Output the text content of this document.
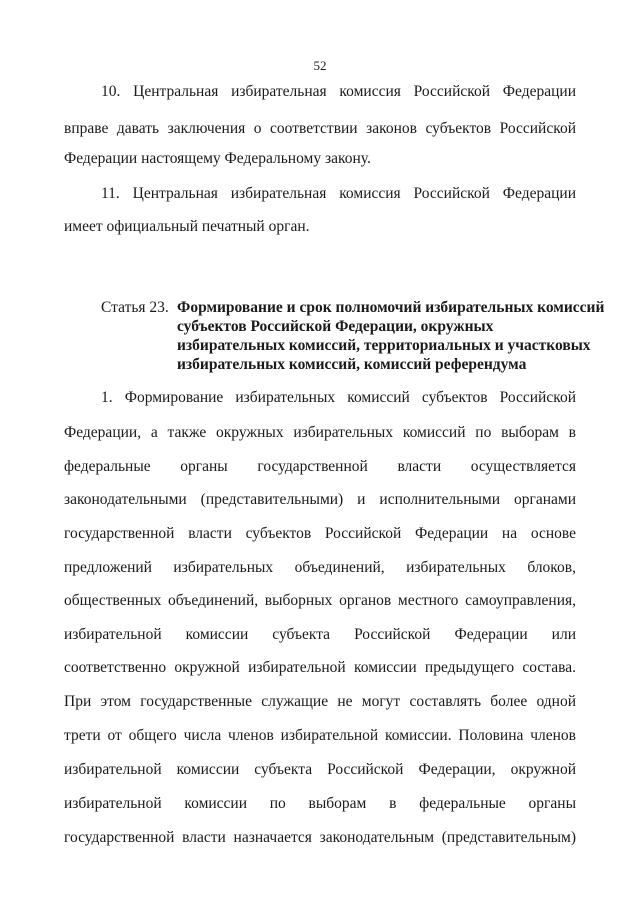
52
10. Центральная избирательная комиссия Российской Федерации
вправе давать заключения о соответствии законов субъектов Российской
Федерации настоящему Федеральному закону.
11. Центральная избирательная комиссия Российской Федерации
имеет официальный печатный орган.
Статья 23. Формирование и срок полномочий избирательных комиссий
субъектов Российской Федерации, окружных
избирательных комиссий, территориальных и участковых
избирательных комиссий, комиссий референдума
1. Формирование избирательных комиссий субъектов Российской
Федерации, а также окружных избирательных комиссий по выборам в
федеральные органы государственной власти осуществляется
законодательными (представительными) и исполнительными органами
государственной власти субъектов Российской Федерации на основе
предложений избирательных объединений, избирательных блоков,
общественных объединений, выборных органов местного самоуправления,
избирательной комиссии субъекта Российской Федерации или
соответственно окружной избирательной комиссии предыдущего состава.
При этом государственные служащие не могут составлять более одной
трети от общего числа членов избирательной комиссии. Половина членов
избирательной комиссии субъекта Российской Федерации, окружной
избирательной комиссии по выборам в федеральные органы
государственной власти назначается законодательным (представительным)
